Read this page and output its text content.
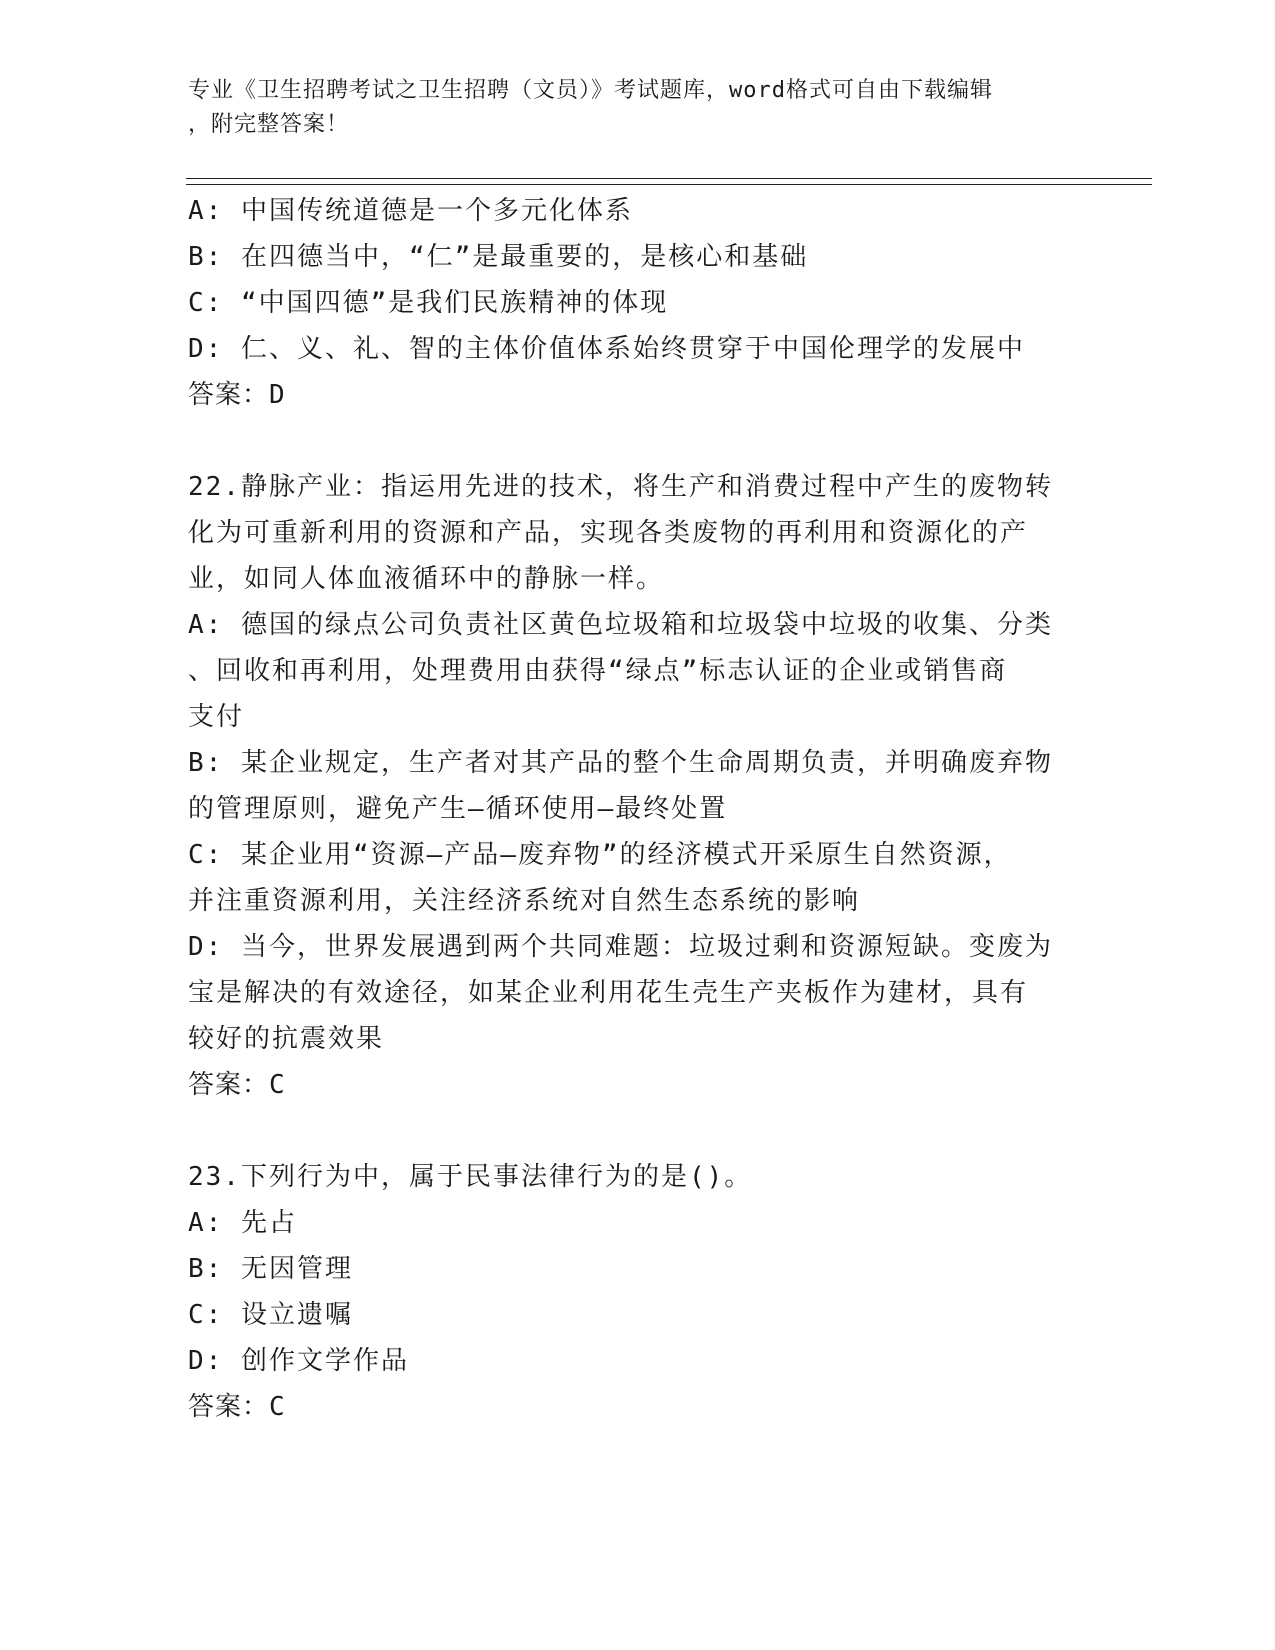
专业《卫生招聘考试之卫生招聘（文员）》考试题库，word格式可自由下载编辑
，附完整答案！
A: 中国传统道德是一个多元化体系
B: 在四德当中，“仁”是最重要的，是核心和基础
C: “中国四德”是我们民族精神的体现
D: 仁、义、礼、智的主体价值体系始终贯穿于中国伦理学的发展中
答案：D
22.静脉产业：指运用先进的技术，将生产和消费过程中产生的废物转
化为可重新利用的资源和产品，实现各类废物的再利用和资源化的产
业，如同人体血液循环中的静脉一样。
A: 德国的绿点公司负责社区黄色垃圾箱和垃圾袋中垃圾的收集、分类
、回收和再利用，处理费用由获得“绿点”标志认证的企业或销售商
支付
B: 某企业规定，生产者对其产品的整个生命周期负责，并明确废弃物
的管理原则，避免产生—循环使用—最终处置
C: 某企业用“资源—产品—废弃物”的经济模式开采原生自然资源，
并注重资源利用，关注经济系统对自然生态系统的影响
D: 当今，世界发展遇到两个共同难题：垃圾过剩和资源短缺。变废为
宝是解决的有效途径，如某企业利用花生壳生产夹板作为建材，具有
较好的抗震效果
答案：C
23.下列行为中，属于民事法律行为的是()。
A: 先占
B: 无因管理
C: 设立遗嘱
D: 创作文学作品
答案：C
